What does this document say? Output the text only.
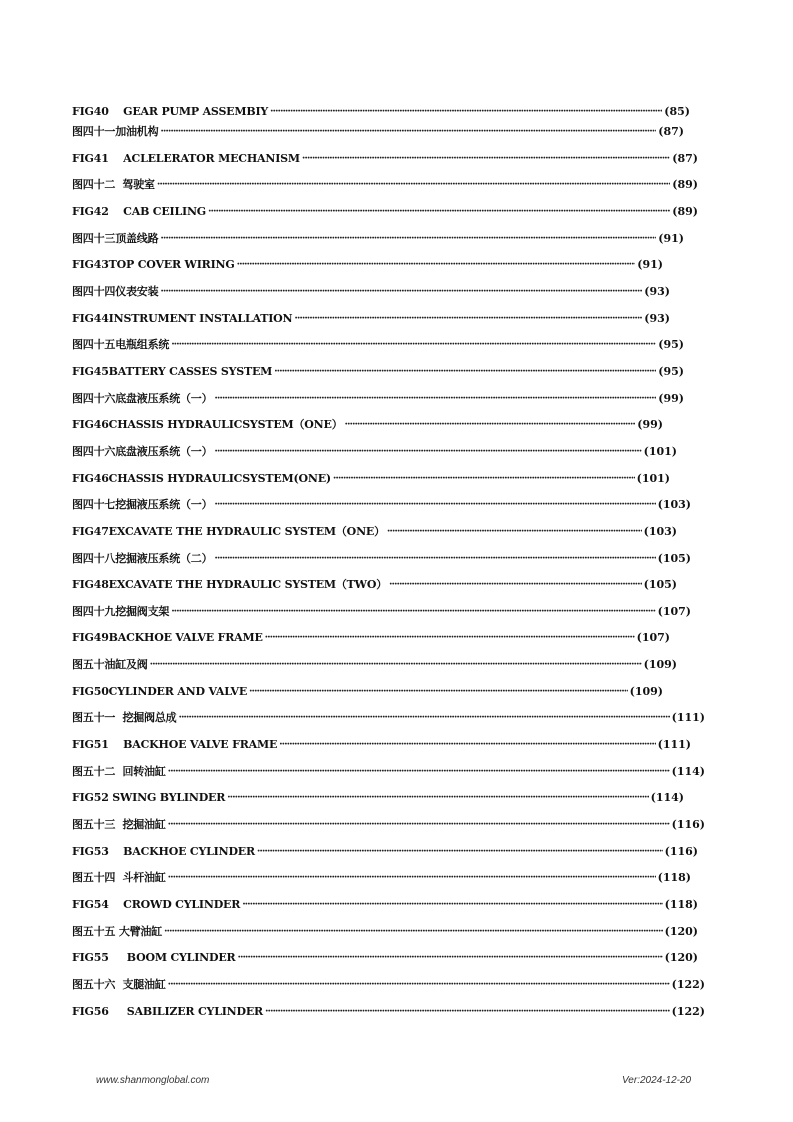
FIG40    GEAR PUMP ASSEMBIY ·····	(85)
图四十一加油机构 ·····	(87)
FIG41    ACLELERATOR MECHANISM ·····	(87)
图四十二  驾驶室 ·····	(89)
FIG42    CAB CEILING ·····	(89)
图四十三顶盖线路 ·····	(91)
FIG43TOP COVER WIRING ·····	(91)
图四十四仪表安装 ·····	(93)
FIG44INSTRUMENT INSTALLATION ·····	(93)
图四十五电瓶组系统 ·····	(95)
FIG45BATTERY CASSES SYSTEM ·····	(95)
图四十六底盘液压系统（一） ·····	(99)
FIG46CHASSIS HYDRAULICSYSTEM（ONE） ·····	(99)
图四十六底盘液压系统（一） ·····	(101)
FIG46CHASSIS HYDRAULICSYSTEM(ONE) ·····	(101)
图四十七挖掘液压系统（一） ·····	(103)
FIG47EXCAVATE THE HYDRAULIC SYSTEM（ONE） ·····	(103)
图四十八挖掘液压系统（二） ·····	(105)
FIG48EXCAVATE THE HYDRAULIC SYSTEM（TWO） ·····	(105)
图四十九挖掘阀支架 ·····	(107)
FIG49BACKHOE VALVE FRAME ·····	(107)
图五十油缸及阀 ·····	(109)
FIG50CYLINDER AND VALVE ·····	(109)
图五十一  挖掘阀总成 ·····	(111)
FIG51    BACKHOE VALVE FRAME ·····	(111)
图五十二  回转油缸 ·····	(114)
FIG52 SWING BYLINDER ·····	(114)
图五十三  挖掘油缸 ·····	(116)
FIG53    BACKHOE CYLINDER ·····	(116)
图五十四  斗杆油缸 ·····	(118)
FIG54    CROWD CYLINDER ·····	(118)
图五十五 大臂油缸 ·····	(120)
FIG55     BOOM CYLINDER ·····	(120)
图五十六  支腿油缸 ·····	(122)
FIG56     SABILIZER CYLINDER ·····	(122)
www.shanmonglobal.com	Ver:2024-12-20
